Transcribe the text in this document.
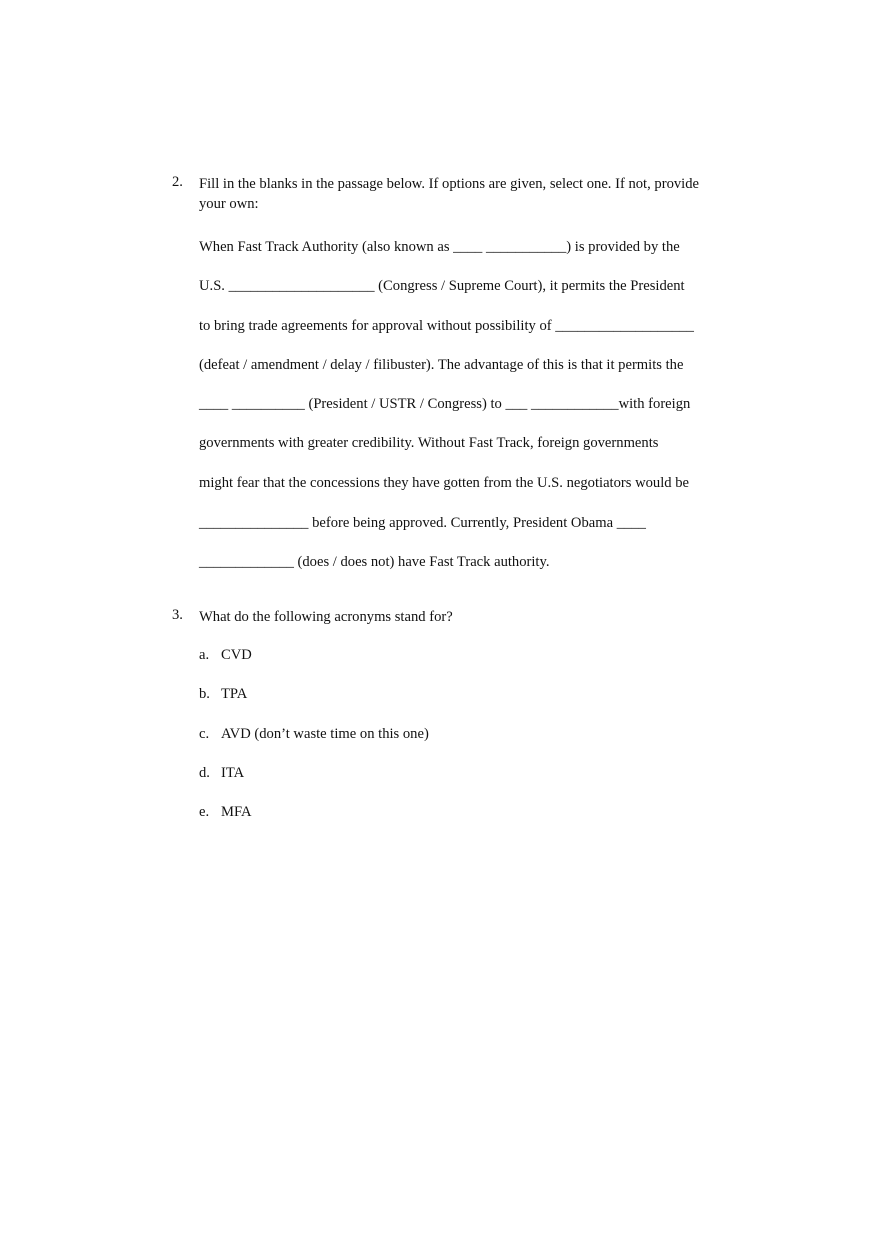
2. Fill in the blanks in the passage below. If options are given, select one. If not, provide your own:
When Fast Track Authority (also known as ____ ___________) is provided by the
U.S. ____________________ (Congress / Supreme Court), it permits the President
to bring trade agreements for approval without possibility of ___________________
(defeat / amendment / delay / filibuster). The advantage of this is that it permits the
____ __________ (President / USTR / Congress) to ___ ____________with foreign
governments with greater credibility. Without Fast Track, foreign governments
might fear that the concessions they have gotten from the U.S. negotiators would be
_______________ before being approved. Currently, President Obama ____
_____________ (does / does not) have Fast Track authority.
3. What do the following acronyms stand for?
a. CVD
b. TPA
c. AVD (don’t waste time on this one)
d. ITA
e. MFA
